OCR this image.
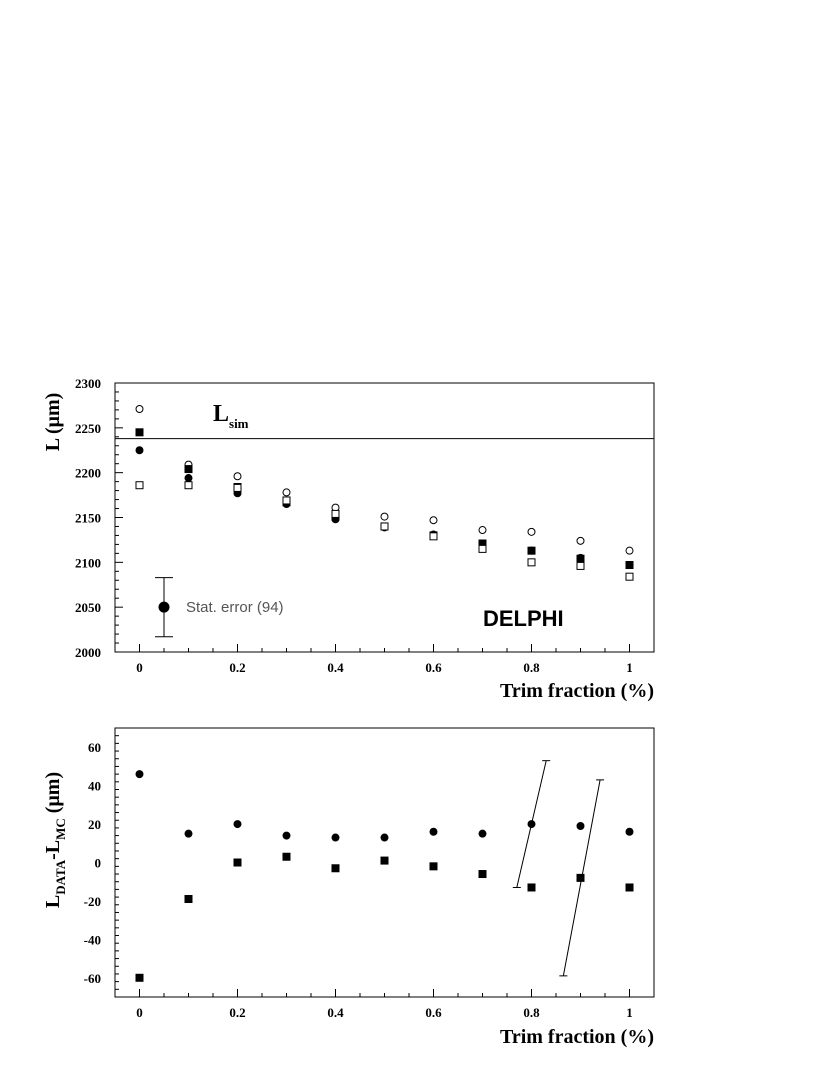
0	0.2	0.4	0.6	0.8	1
2000
2050
2100
2150
2200
2250
2300
$L_{sim}$
Stat. error (94)	DELPHI
Trim fraction (%)
L (μm)
0	0.2	0.4	0.6	0.8	1
-60
-40
-20
0
20
40
60
Trim fraction (%)
$L_{DATA}-L_{MC}$ (μm)
